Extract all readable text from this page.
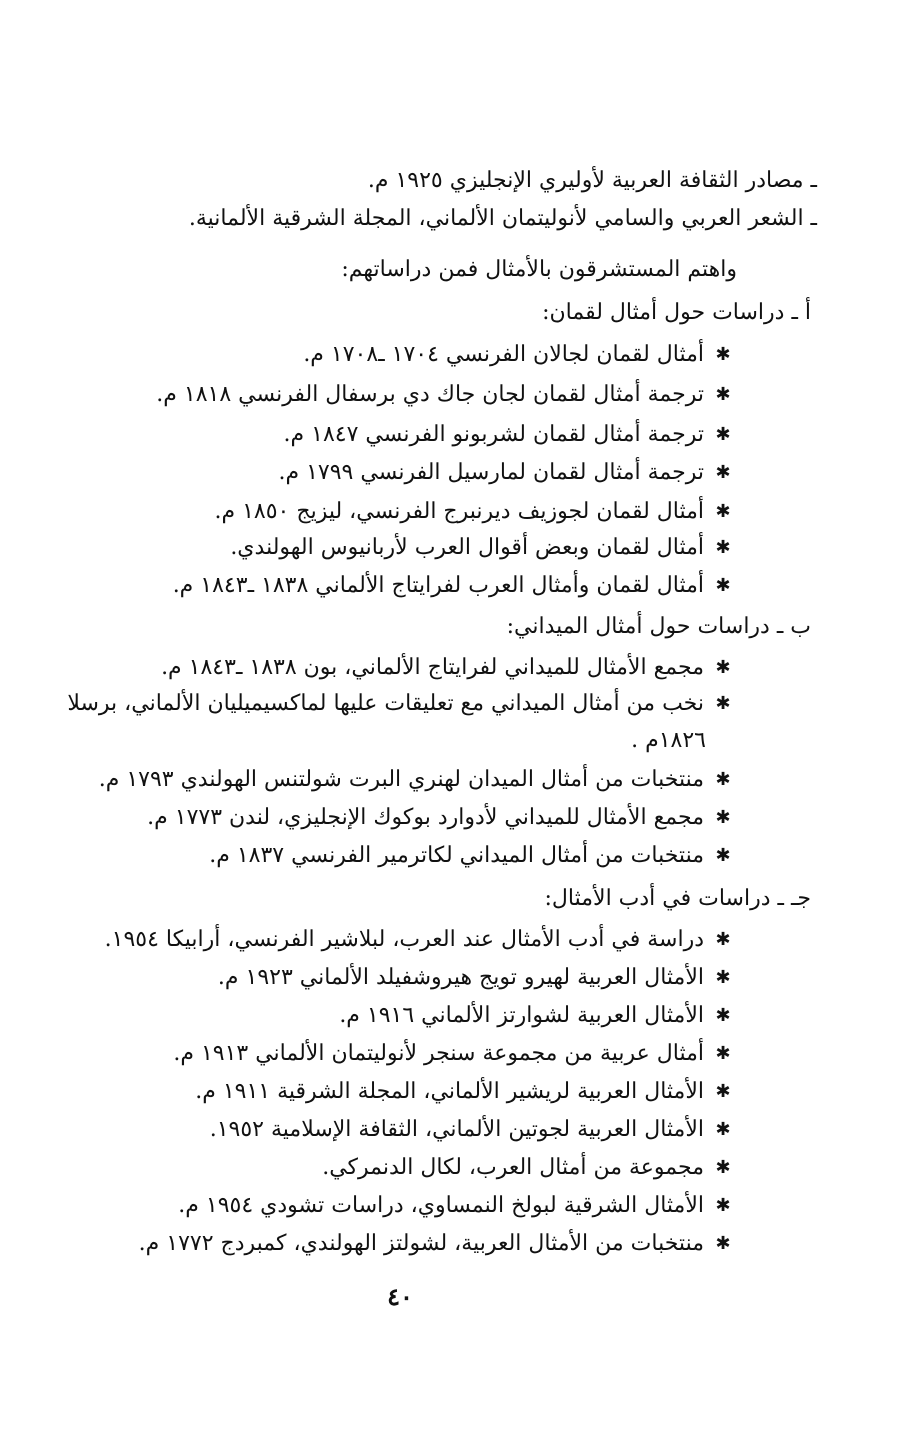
ـ مصادر الثقافة العربية لأوليري الإنجليزي ١٩٢٥ م.
ـ الشعر العربي والسامي لأنوليتمان الألماني، المجلة الشرقية الألمانية.
واهتم المستشرقون بالأمثال فمن دراساتهم:
أ ـ دراسات حول أمثال لقمان:
✱
أمثال لقمان لجالان الفرنسي ١٧٠٤ ـ١٧٠٨ م.
✱
ترجمة أمثال لقمان لجان جاك دي برسفال الفرنسي ١٨١٨ م.
✱
ترجمة أمثال لقمان لشربونو الفرنسي ١٨٤٧ م.
✱
ترجمة أمثال لقمان لمارسيل الفرنسي ١٧٩٩ م.
✱
أمثال لقمان لجوزيف ديرنبرج الفرنسي، ليزيج ١٨٥٠ م.
✱
أمثال لقمان وبعض أقوال العرب لأربانيوس الهولندي.
✱
أمثال لقمان وأمثال العرب لفرايتاج الألماني ١٨٣٨ ـ١٨٤٣ م.
ب ـ دراسات حول أمثال الميداني:
✱
مجمع الأمثال للميداني لفرايتاج الألماني، بون ١٨٣٨ ـ١٨٤٣ م.
✱
نخب من أمثال الميداني مع تعليقات عليها لماكسيميليان الألماني، برسلا
١٨٢٦م .
✱
منتخبات من أمثال الميدان لهنري البرت شولتنس الهولندي ١٧٩٣ م.
✱
مجمع الأمثال للميداني لأدوارد بوكوك الإنجليزي، لندن ١٧٧٣ م.
✱
منتخبات من أمثال الميداني لكاترمير الفرنسي ١٨٣٧ م.
جـ ـ دراسات في أدب الأمثال:
✱
دراسة في أدب الأمثال عند العرب، لبلاشير الفرنسي، أرابيكا ١٩٥٤.
✱
الأمثال العربية لهيرو تويج هيروشفيلد الألماني ١٩٢٣ م.
✱
الأمثال العربية لشوارتز الألماني ١٩١٦ م.
✱
أمثال عربية من مجموعة سنجر لأنوليتمان الألماني ١٩١٣ م.
✱
الأمثال العربية لريشير الألماني، المجلة الشرقية ١٩١١ م.
✱
الأمثال العربية لجوتين الألماني، الثقافة الإسلامية ١٩٥٢.
✱
مجموعة من أمثال العرب، لكال الدنمركي.
✱
الأمثال الشرقية لبولخ النمساوي، دراسات تشودي ١٩٥٤ م.
✱
منتخبات من الأمثال العربية، لشولتز الهولندي، كمبردج ١٧٧٢ م.
٤٠
